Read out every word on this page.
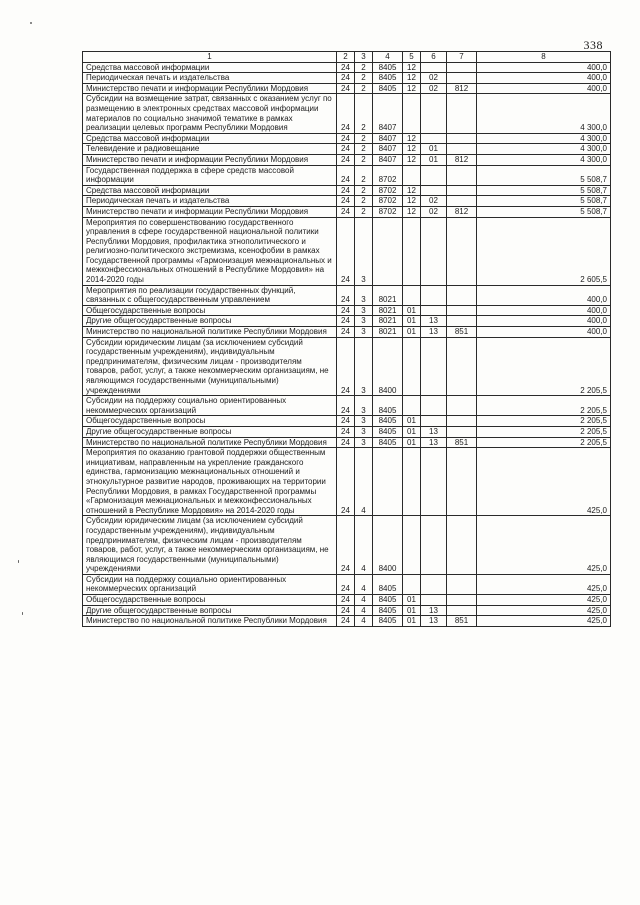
338
1	2	3	4	5	6	7	8
Средства массовой информации	24	2	8405	12			400,0
Периодическая печать и издательства	24	2	8405	12	02		400,0
Министерство печати и информации Республики Мордовия	24	2	8405	12	02	812	400,0
Субсидии на возмещение затрат, связанных с оказанием услуг по размещению в электронных средствах массовой информации материалов по социально значимой тематике в рамках реализации целевых программ Республики Мордовия	24	2	8407				4 300,0
Средства массовой информации	24	2	8407	12			4 300,0
Телевидение и радиовещание	24	2	8407	12	01		4 300,0
Министерство печати и информации Республики Мордовия	24	2	8407	12	01	812	4 300,0
Государственная поддержка в сфере средств массовой информации	24	2	8702				5 508,7
Средства массовой информации	24	2	8702	12			5 508,7
Периодическая печать и издательства	24	2	8702	12	02		5 508,7
Министерство печати и информации Республики Мордовия	24	2	8702	12	02	812	5 508,7
Мероприятия по совершенствованию государственного управления в сфере государственной национальной политики Республики Мордовия, профилактика этнополитического и религиозно-политического экстремизма, ксенофобии в рамках Государственной программы «Гармонизация межнациональных и межконфессиональных отношений в Республике Мордовия» на 2014-2020 годы	24	3					2 605,5
Мероприятия по реализации государственных функций, связанных с общегосударственным управлением	24	3	8021				400,0
Общегосударственные вопросы	24	3	8021	01			400,0
Другие общегосударственные вопросы	24	3	8021	01	13		400,0
Министерство по национальной политике Республики Мордовия	24	3	8021	01	13	851	400,0
Субсидии юридическим лицам (за исключением субсидий государственным учреждениям), индивидуальным предпринимателям, физическим лицам - производителям товаров, работ, услуг, а также некоммерческим организациям, не являющимся государственными (муниципальными) учреждениями	24	3	8400				2 205,5
Субсидии на поддержку социально ориентированных некоммерческих организаций	24	3	8405				2 205,5
Общегосударственные вопросы	24	3	8405	01			2 205,5
Другие общегосударственные вопросы	24	3	8405	01	13		2 205,5
Министерство по национальной политике Республики Мордовия	24	3	8405	01	13	851	2 205,5
Мероприятия по оказанию грантовой поддержки общественным инициативам, направленным на укрепление гражданского единства, гармонизацию межнациональных отношений и этнокультурное развитие народов, проживающих на территории Республики Мордовия, в рамках Государственной программы «Гармонизация межнациональных и межконфессиональных отношений в Республике Мордовия» на 2014-2020 годы	24	4					425,0
Субсидии юридическим лицам (за исключением субсидий государственным учреждениям), индивидуальным предпринимателям, физическим лицам - производителям товаров, работ, услуг, а также некоммерческим организациям, не являющимся государственными (муниципальными) учреждениями	24	4	8400				425,0
Субсидии на поддержку социально ориентированных некоммерческих организаций	24	4	8405				425,0
Общегосударственные вопросы	24	4	8405	01			425,0
Другие общегосударственные вопросы	24	4	8405	01	13		425,0
Министерство по национальной политике Республики Мордовия	24	4	8405	01	13	851	425,0
